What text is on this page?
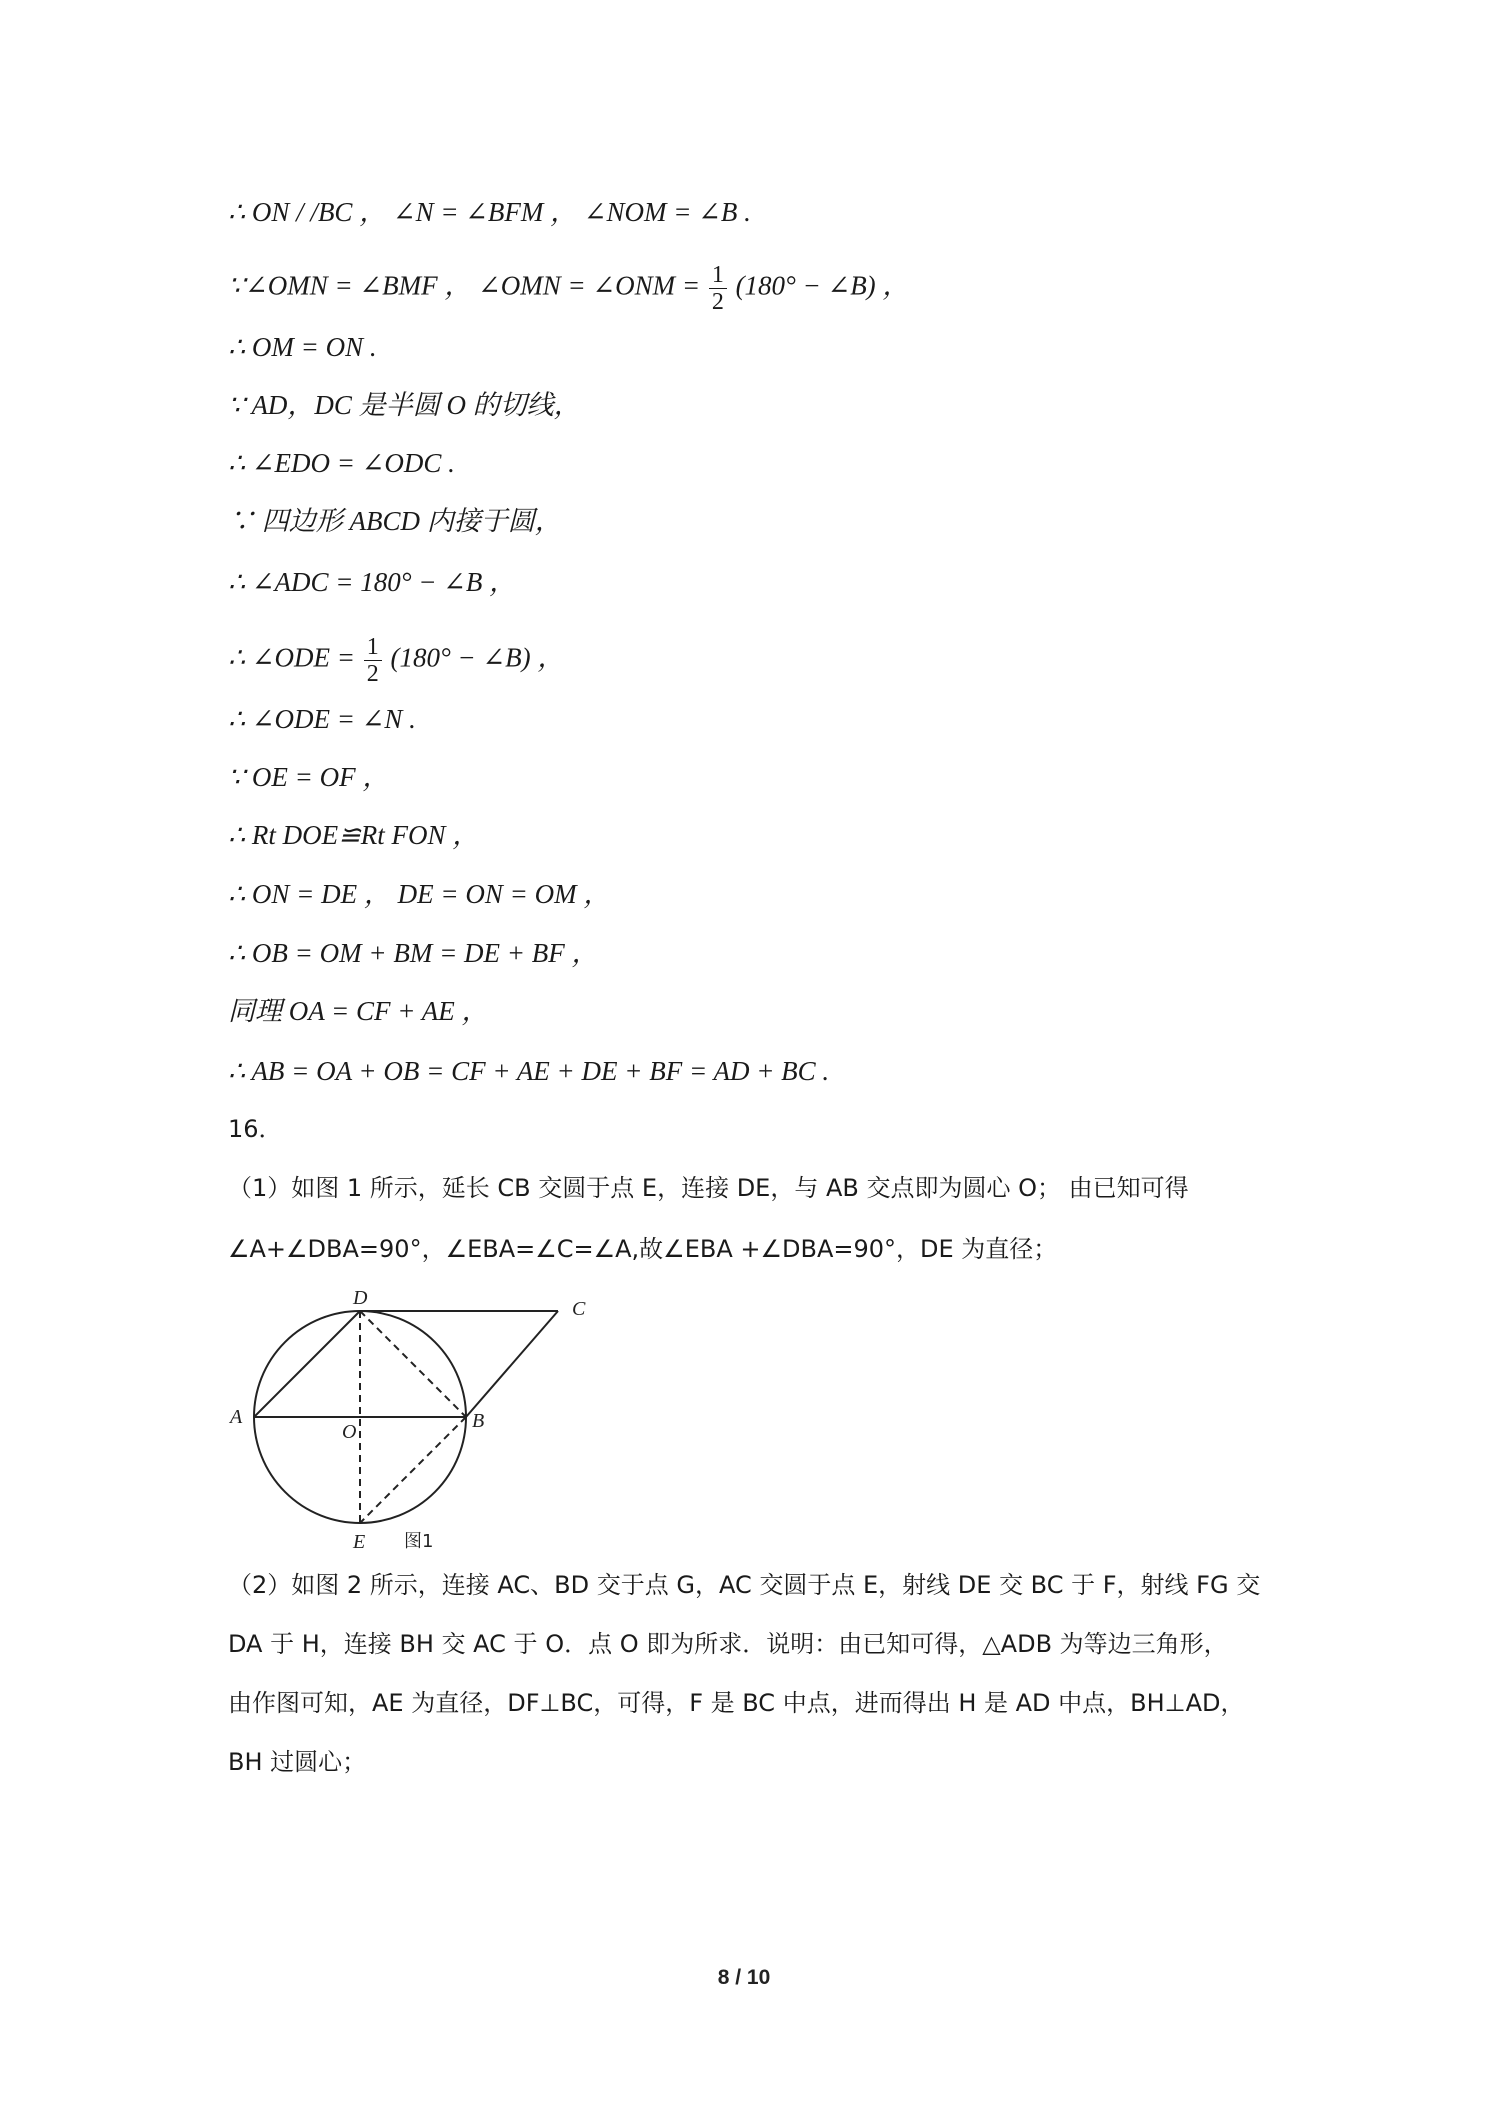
∴ ON / /BC ， ∠N = ∠BFM ， ∠NOM = ∠B .
∵∠OMN = ∠BMF ， ∠OMN = ∠ONM = $\frac{1}{2} (180^\circ$ − ∠B) ，
∴ OM = ON .
∵ AD，DC 是半圆 O 的切线，
∴ ∠EDO = ∠ODC .
∵ 四边形 ABCD 内接于圆，
∴ ∠ADC = 180° − ∠B ，
∴ ∠ODE = $\frac{1}{2} (180^\circ$ − ∠B) ，
∴ ∠ODE = ∠N .
∵ OE = OF ，
∴ Rt DOE≌Rt FON ，
∴ ON = DE ， DE = ON = OM ，
∴ OB = OM + BM = DE + BF ，
同理 OA = CF + AE ，
∴ AB = OA + OB = CF + AE + DE + BF = AD + BC .
16．
（1）如图 1 所示，延长 CB 交圆于点 E，连接 DE，与 AB 交点即为圆心 O； 由已知可得
∠A+∠DBA=90°，∠EBA=∠C=∠A,故∠EBA +∠DBA=90°，DE 为直径；
D	C
A
O	B
E 图1
（2）如图 2 所示，连接 AC、BD 交于点 G，AC 交圆于点 E，射线 DE 交 BC 于 F，射线 FG 交
DA 于 H，连接 BH 交 AC 于 O．点 O 即为所求．说明：由已知可得，△ADB 为等边三角形，
由作图可知，AE 为直径，DF⊥BC，可得，F 是 BC 中点，进而得出 H 是 AD 中点，BH⊥AD，
BH 过圆心；
8 / 10
